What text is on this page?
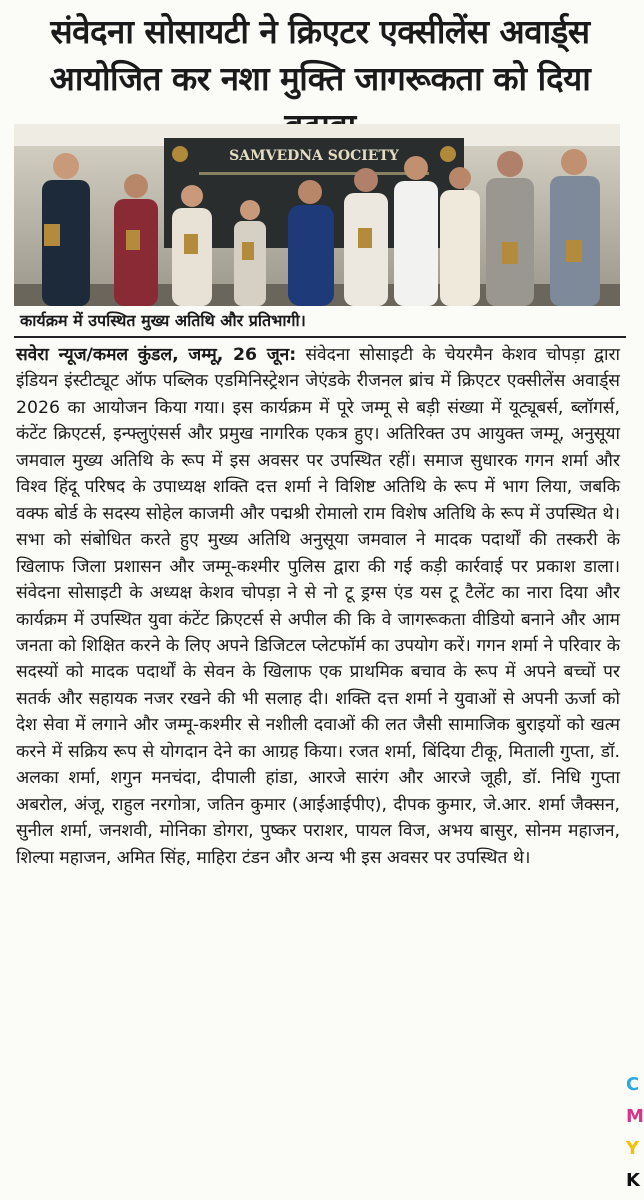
संवेदना सोसायटी ने क्रिएटर एक्सीलेंस अवार्ड्स
आयोजित कर नशा मुक्ति जागरूकता को दिया
SAMVEDNA SOCIETY
कार्यक्रम में उपस्थित मुख्य अतिथि और प्रतिभागी।
सवेरा न्यूज/कमल कुंडल, जम्मू, 26 जून: संवेदना सोसाइटी के चेयरमैन केशव चोपड़ा द्वारा इंडियन इंस्टीट्यूट ऑफ पब्लिक एडमिनिस्ट्रेशन जेएंडके रीजनल ब्रांच में क्रिएटर एक्सीलेंस अवार्ड्स 2026 का आयोजन किया गया। इस कार्यक्रम में पूरे जम्मू से बड़ी संख्या में यूट्यूबर्स, ब्लॉगर्स, कंटेंट क्रिएटर्स, इन्फ्लुएंसर्स और प्रमुख नागरिक एकत्र हुए। अतिरिक्त उप आयुक्त जम्मू, अनुसूया जमवाल मुख्य अतिथि के रूप में इस अवसर पर उपस्थित रहीं। समाज सुधारक गगन शर्मा और विश्व हिंदू परिषद के उपाध्यक्ष शक्ति दत्त शर्मा ने विशिष्ट अतिथि के रूप में भाग लिया, जबकि वक्फ बोर्ड के सदस्य सोहेल काजमी और पद्मश्री रोमालो राम विशेष अतिथि के रूप में उपस्थित थे। सभा को संबोधित करते हुए मुख्य अतिथि अनुसूया जमवाल ने मादक पदार्थों की तस्करी के खिलाफ जिला प्रशासन और जम्मू-कश्मीर पुलिस द्वारा की गई कड़ी कार्रवाई पर प्रकाश डाला। संवेदना सोसाइटी के अध्यक्ष केशव चोपड़ा ने से नो टू ड्रग्स एंड यस टू टैलेंट का नारा दिया और कार्यक्रम में उपस्थित युवा कंटेंट क्रिएटर्स से अपील की कि वे जागरूकता वीडियो बनाने और आम जनता को शिक्षित करने के लिए अपने डिजिटल प्लेटफॉर्म का उपयोग करें। गगन शर्मा ने परिवार के सदस्यों को मादक पदार्थों के सेवन के खिलाफ एक प्राथमिक बचाव के रूप में अपने बच्चों पर सतर्क और सहायक नजर रखने की भी सलाह दी। शक्ति दत्त शर्मा ने युवाओं से अपनी ऊर्जा को देश सेवा में लगाने और जम्मू-कश्मीर से नशीली दवाओं की लत जैसी सामाजिक बुराइयों को खत्म करने में सक्रिय रूप से योगदान देने का आग्रह किया। रजत शर्मा, बिंदिया टीकू, मिताली गुप्ता, डॉ. अलका शर्मा, शगुन मनचंदा, दीपाली हांडा, आरजे सारंग और आरजे जूही, डॉ. निधि गुप्ता अबरोल, अंजू, राहुल नरगोत्रा, जतिन कुमार (आईआईपीए), दीपक कुमार, जे.आर. शर्मा जैक्सन, सुनील शर्मा, जनशवी, मोनिका डोगरा, पुष्कर पराशर, पायल विज, अभय बासुर, सोनम महाजन, शिल्पा महाजन, अमित सिंह, माहिरा टंडन और अन्य भी इस अवसर पर उपस्थित थे।
C
M
Y
K
